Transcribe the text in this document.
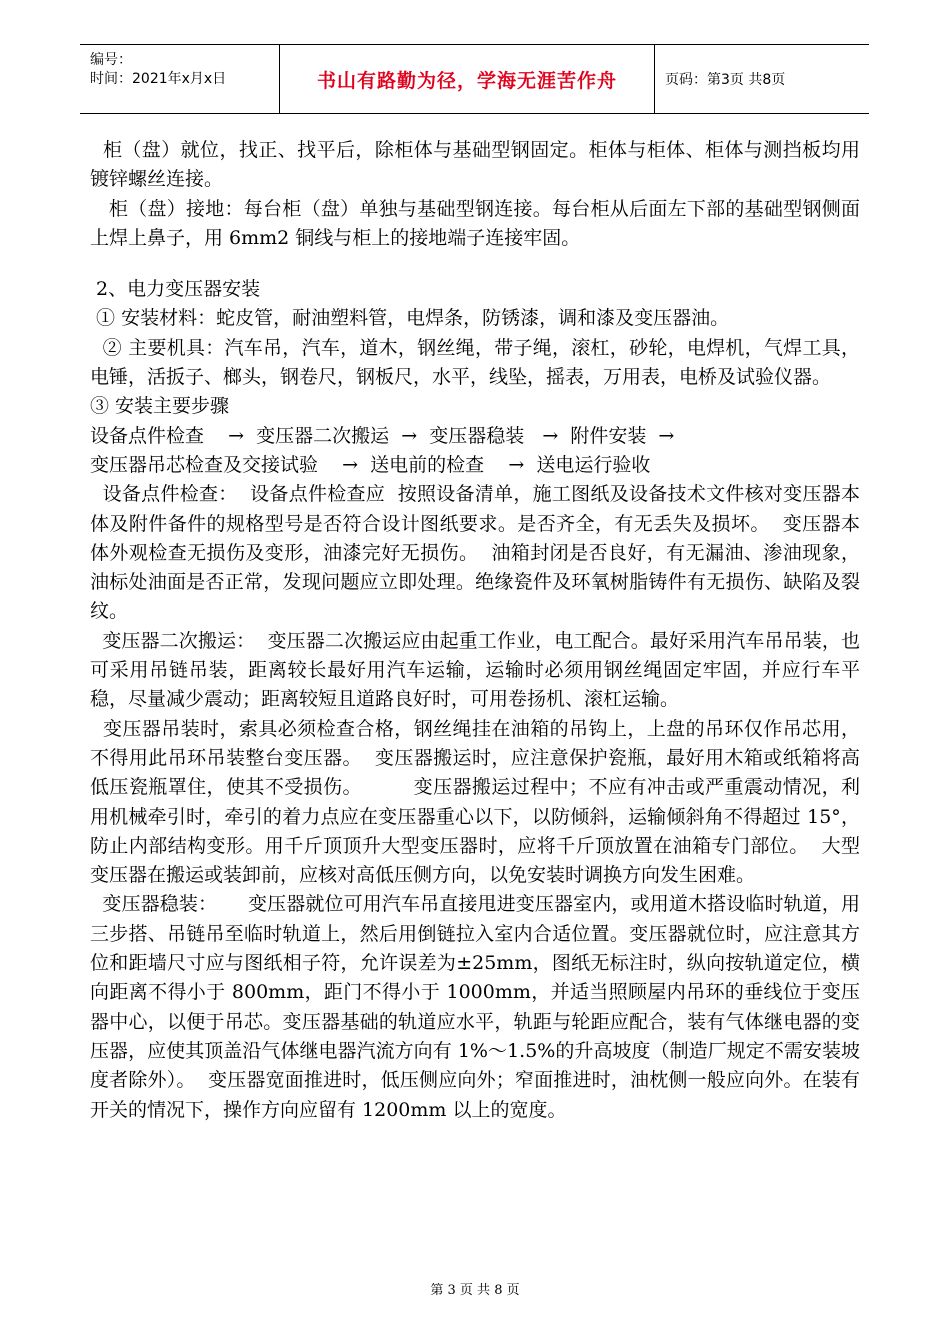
编号：
时间：2021年x月x日	书山有路勤为径，学海无涯苦作舟	页码：第3页 共8页

柜（盘）就位，找正、找平后，除柜体与基础型钢固定。柜体与柜体、柜体与测挡板均用镀锌螺丝连接。

柜（盘）接地：每台柜（盘）单独与基础型钢连接。每台柜从后面左下部的基础型钢侧面上焊上鼻子，用 6mm2 铜线与柜上的接地端子连接牢固。

2、电力变压器安装

① 安装材料：蛇皮管，耐油塑料管，电焊条，防锈漆，调和漆及变压器油。

② 主要机具：汽车吊，汽车，道木，钢丝绳，带子绳，滚杠，砂轮，电焊机，气焊工具，电锤，活扳子、榔头，钢卷尺，钢板尺，水平，线坠，摇表，万用表，电桥及试验仪器。

③ 安装主要步骤

设备点件检查    →  变压器二次搬运  →  变压器稳装   →  附件安装  →

变压器吊芯检查及交接试验    →  送电前的检查    →  送电运行验收

设备点件检查：  设备点件检查应  按照设备清单，施工图纸及设备技术文件核对变压器本体及附件备件的规格型号是否符合设计图纸要求。是否齐全，有无丢失及损坏。  变压器本体外观检查无损伤及变形，油漆完好无损伤。  油箱封闭是否良好，有无漏油、渗油现象，油标处油面是否正常，发现问题应立即处理。绝缘瓷件及环氧树脂铸件有无损伤、缺陷及裂纹。

变压器二次搬运：  变压器二次搬运应由起重工作业，电工配合。最好采用汽车吊吊装，也可采用吊链吊装，距离较长最好用汽车运输，运输时必须用钢丝绳固定牢固，并应行车平稳，尽量减少震动；距离较短且道路良好时，可用卷扬机、滚杠运输。

变压器吊装时，索具必须检查合格，钢丝绳挂在油箱的吊钩上，上盘的吊环仅作吊芯用，不得用此吊环吊装整台变压器。  变压器搬运时，应注意保护瓷瓶，最好用木箱或纸箱将高低压瓷瓶罩住，使其不受损伤。        变压器搬运过程中；不应有冲击或严重震动情况，利用机械牵引时，牵引的着力点应在变压器重心以下，以防倾斜，运输倾斜角不得超过 15°，防止内部结构变形。用千斤顶顶升大型变压器时，应将千斤顶放置在油箱专门部位。  大型变压器在搬运或装卸前，应核对高低压侧方向，以免安装时调换方向发生困难。

变压器稳装：     变压器就位可用汽车吊直接甩进变压器室内，或用道木搭设临时轨道，用三步搭、吊链吊至临时轨道上，然后用倒链拉入室内合适位置。变压器就位时，应注意其方位和距墙尺寸应与图纸相子符，允许误差为±25mm，图纸无标注时，纵向按轨道定位，横向距离不得小于 800mm，距门不得小于 1000mm，并适当照顾屋内吊环的垂线位于变压器中心，以便于吊芯。变压器基础的轨道应水平，轨距与轮距应配合，装有气体继电器的变压器，应使其顶盖沿气体继电器汽流方向有 1%～1.5%的升高坡度（制造厂规定不需安装坡度者除外）。  变压器宽面推进时，低压侧应向外；窄面推进时，油枕侧一般应向外。在装有开关的情况下，操作方向应留有 1200mm 以上的宽度。

第 3 页 共 8 页
